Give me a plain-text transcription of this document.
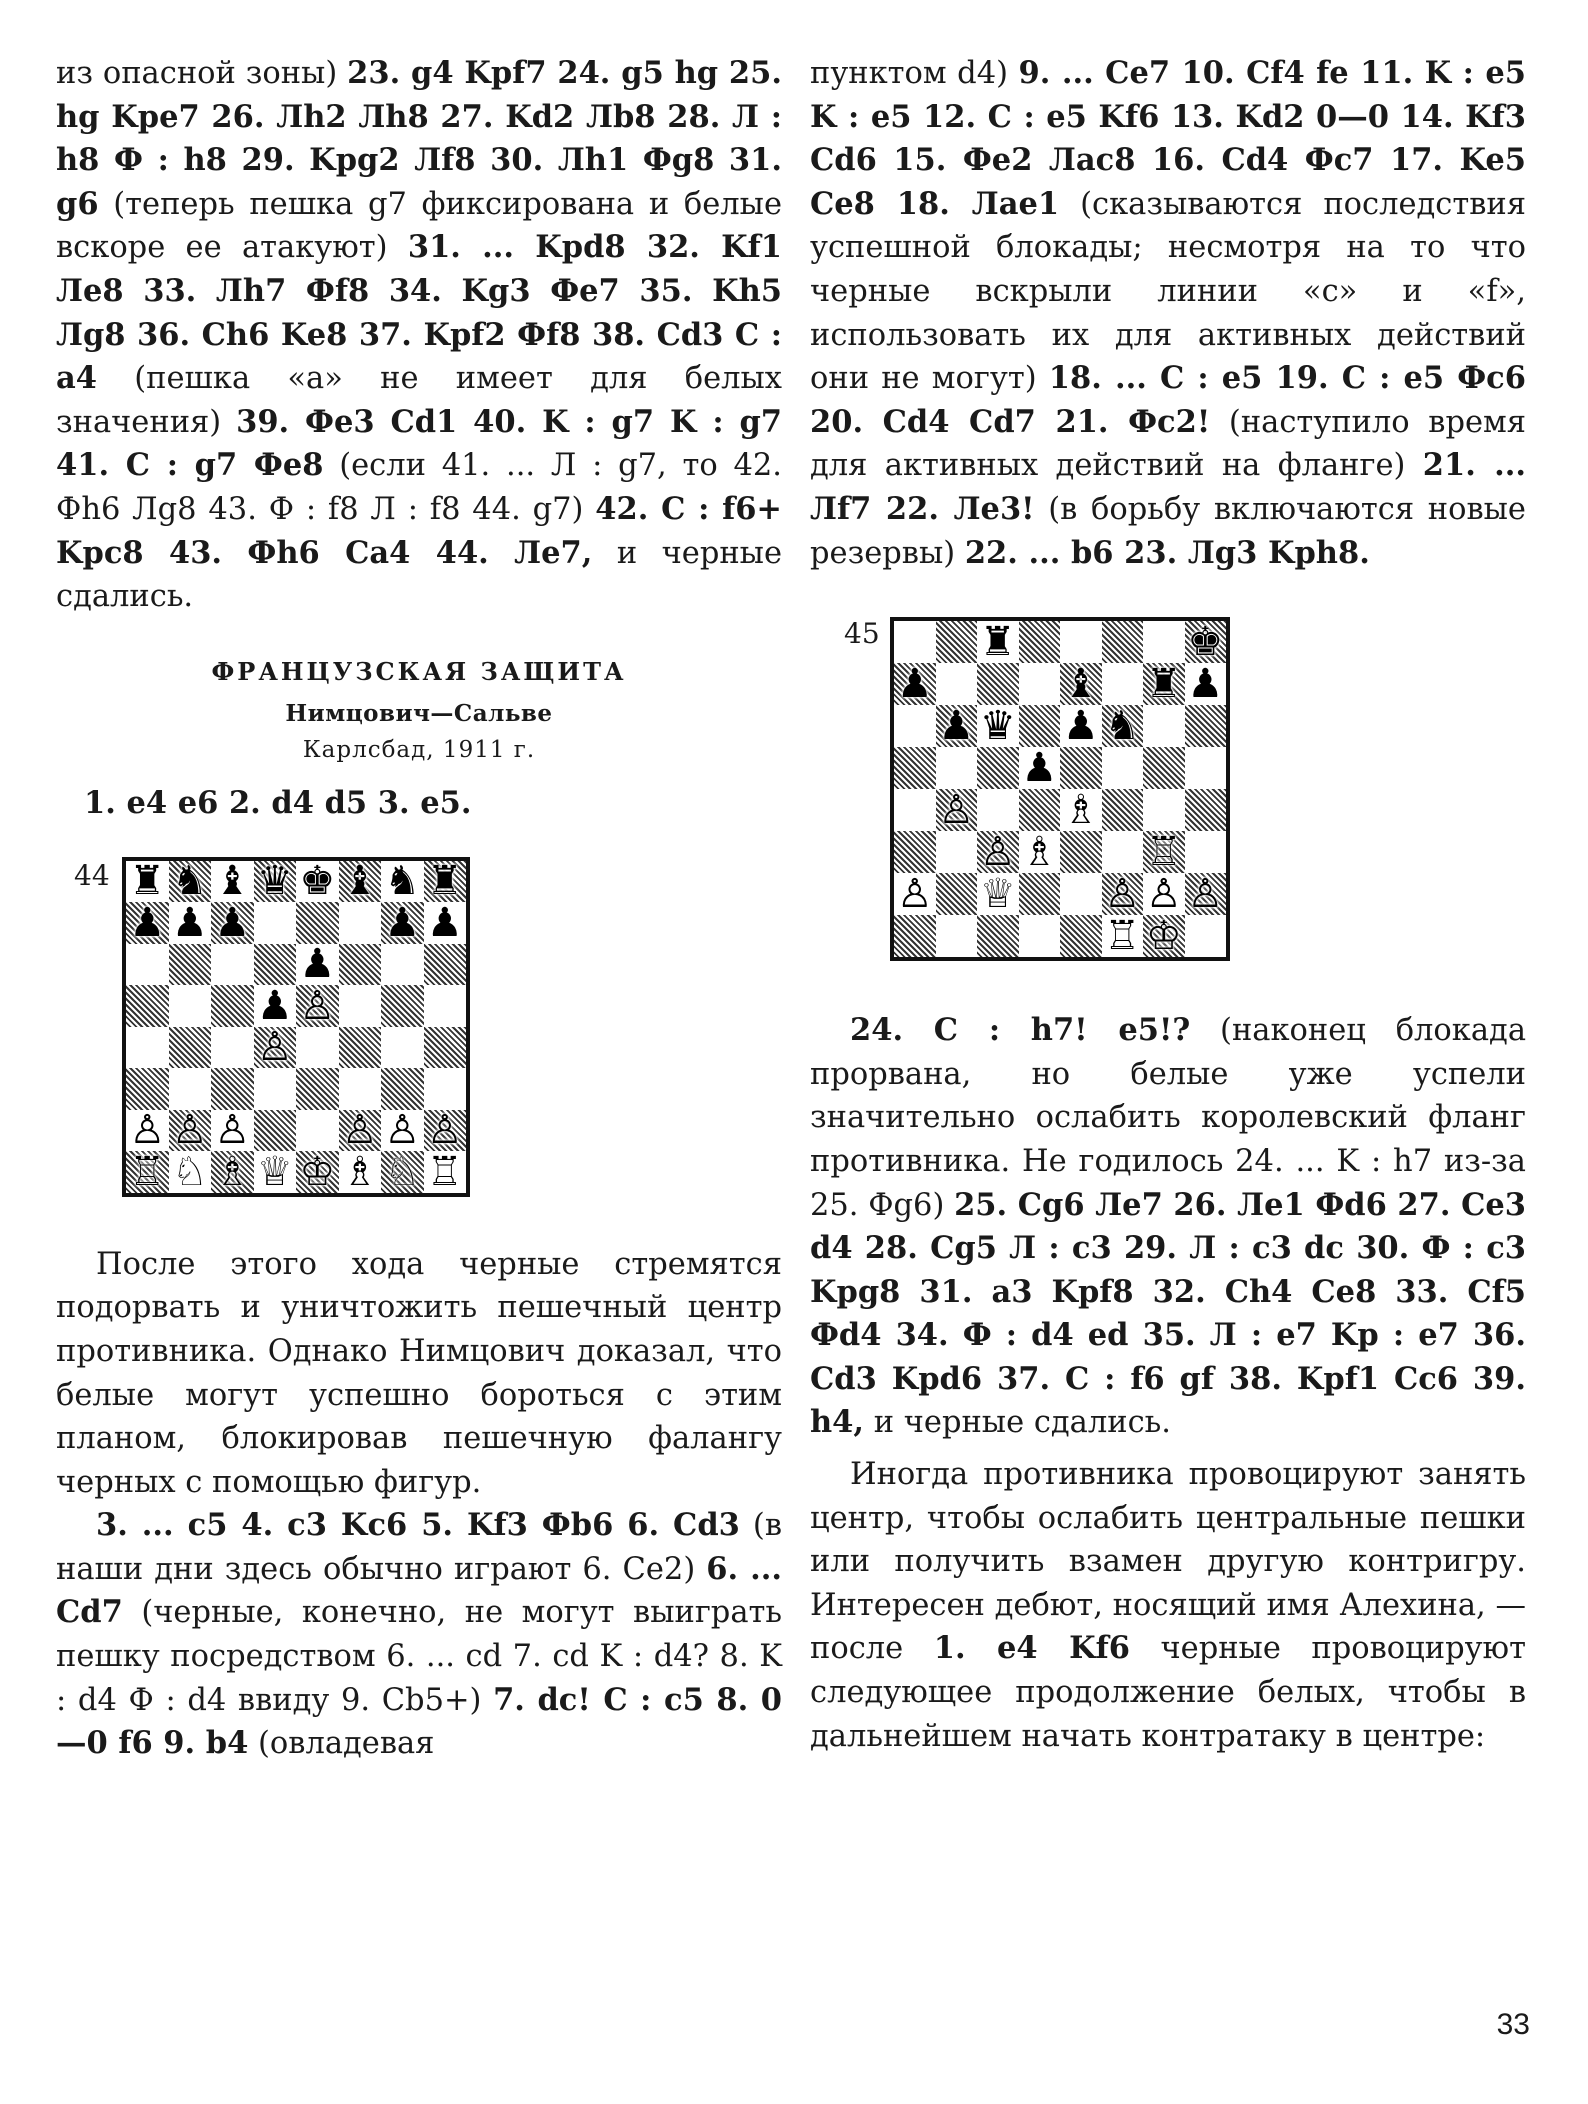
из опасной зоны) 23. g4 Kpf7 24. g5 hg 25. hg Kpe7 26. Лh2 Лh8 27. Kd2 Лb8 28. Л : h8 Ф : h8 29. Kpg2 Лf8 30. Лh1 Фg8 31. g6 (теперь пешка g7 фиксирована и белые вскоре ее атакуют) 31. ... Kpd8 32. Kf1 Ле8 33. Лh7 Фf8 34. Kg3 Фе7 35. Kh5 Лg8 36. Ch6 Ke8 37. Kpf2 Фf8 38. Cd3 C : a4 (пешка «а» не имеет для белых значения) 39. Фе3 Cd1 40. K : g7 K : g7 41. C : g7 Фе8 (если 41. ... Л : g7, то 42. Фh6 Лg8 43. Ф : f8 Л : f8 44. g7) 42. C : f6+ Kpc8 43. Фh6 Ca4 44. Ле7, и черные сдались.

ФРАНЦУЗСКАЯ ЗАЩИТА
Нимцович—Сальве
Карлсбад, 1911 г.
1. e4 e6 2. d4 d5 3. e5.
44 ♜ ♞ ♝ ♛ ♚ ♝ ♞ ♜
♟ ♟ ♟	♟ ♟
♟
♟ ♙
♙
♙ ♙ ♙ ♙ ♙ ♙
♖ ♘ ♗ ♕ ♔ ♗ ♘ ♖

После этого хода черные стремятся подорвать и уничтожить пешечный центр противника. Однако Нимцович доказал, что белые могут успешно бороться с этим планом, блокировав пешечную фалангу черных с помощью фигур.

3. ... c5 4. c3 Kc6 5. Kf3 Фb6 6. Cd3 (в наши дни здесь обычно играют 6. Ce2) 6. ... Cd7 (черные, конечно, не могут выиграть пешку посредством 6. ... cd 7. cd K : d4? 8. K : d4 Ф : d4 ввиду 9. Cb5+) 7. dc! C : c5 8. 0—0 f6 9. b4 (овладевая

пунктом d4) 9. ... Ce7 10. Cf4 fe 11. K : e5 K : e5 12. C : e5 Kf6 13. Kd2 0—0 14. Kf3 Cd6 15. Фе2 Лас8 16. Cd4 Фс7 17. Ke5 Ce8 18. Лае1 (сказываются последствия успешной блокады; несмотря на то что черные вскрыли линии «с» и «f», использовать их для активных действий они не могут) 18. ... C : e5 19. C : e5 Фс6 20. Cd4 Cd7 21. Фс2! (наступило время для активных действий на фланге) 21. ... Лf7 22. Ле3! (в борьбу включаются новые резервы) 22. ... b6 23. Лg3 Kph8.

45	♜	♚
♟	♝ ♜ ♟
♟ ♛ ♟ ♞
♟
♙ ♗
♙ ♗ ♖
♙ ♕ ♙ ♙ ♙
♖ ♔

24. C : h7! e5!? (наконец блокада прорвана, но белые уже успели значительно ослабить королевский фланг противника. Не годилось 24. ... K : h7 из-за 25. Фg6) 25. Cg6 Ле7 26. Ле1 Фd6 27. Ce3 d4 28. Cg5 Л : c3 29. Л : c3 dc 30. Ф : c3 Kpg8 31. a3 Kpf8 32. Ch4 Ce8 33. Cf5 Фd4 34. Ф : d4 ed 35. Л : e7 Kp : e7 36. Cd3 Kpd6 37. C : f6 gf 38. Kpf1 Cc6 39. h4, и черные сдались.

Иногда противника провоцируют занять центр, чтобы ослабить центральные пешки или получить взамен другую контригру. Интересен дебют, носящий имя Алехина, — после 1. e4 Kf6 черные провоцируют следующее продолжение белых, чтобы в дальнейшем начать контратаку в центре:

33
